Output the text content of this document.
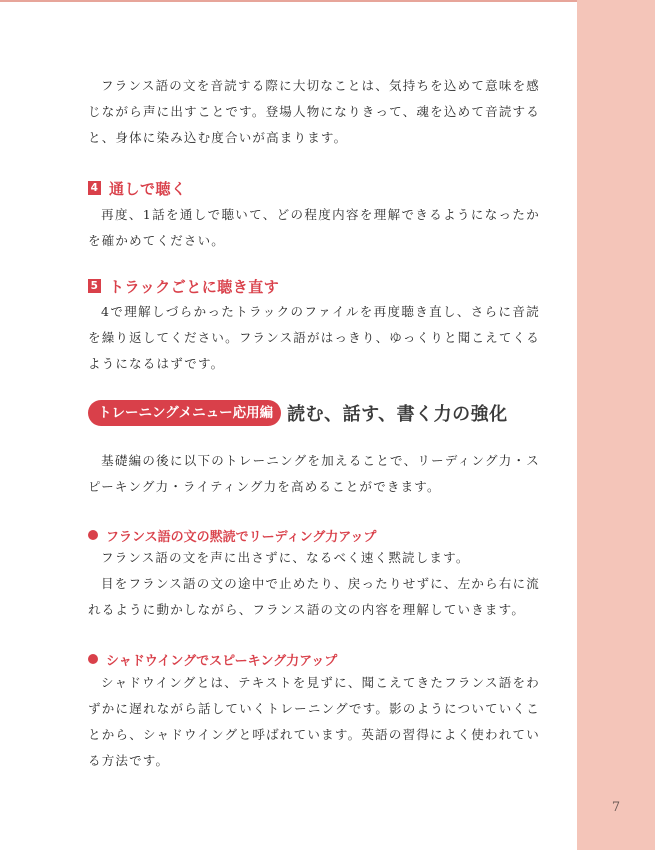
7

フランス語の文を音読する際に大切なことは、気持ちを込めて意味を感じながら声に出すことです。登場人物になりきって、魂を込めて音読すると、身体に染み込む度合いが高まります。

4 通しで聴く

再度、1話を通しで聴いて、どの程度内容を理解できるようになったかを確かめてください。

5 トラックごとに聴き直す

4で理解しづらかったトラックのファイルを再度聴き直し、さらに音読を繰り返してください。フランス語がはっきり、ゆっくりと聞こえてくるようになるはずです。

トレーニングメニュー応用編 読む、話す、書く力の強化

基礎編の後に以下のトレーニングを加えることで、リーディング力・スピーキング力・ライティング力を高めることができます。

フランス語の文の黙読でリーディング力アップ

フランス語の文を声に出さずに、なるべく速く黙読します。

目をフランス語の文の途中で止めたり、戻ったりせずに、左から右に流れるように動かしながら、フランス語の文の内容を理解していきます。

シャドウイングでスピーキング力アップ

シャドウイングとは、テキストを見ずに、聞こえてきたフランス語をわずかに遅れながら話していくトレーニングです。影のようについていくことから、シャドウイングと呼ばれています。英語の習得によく使われている方法です。
